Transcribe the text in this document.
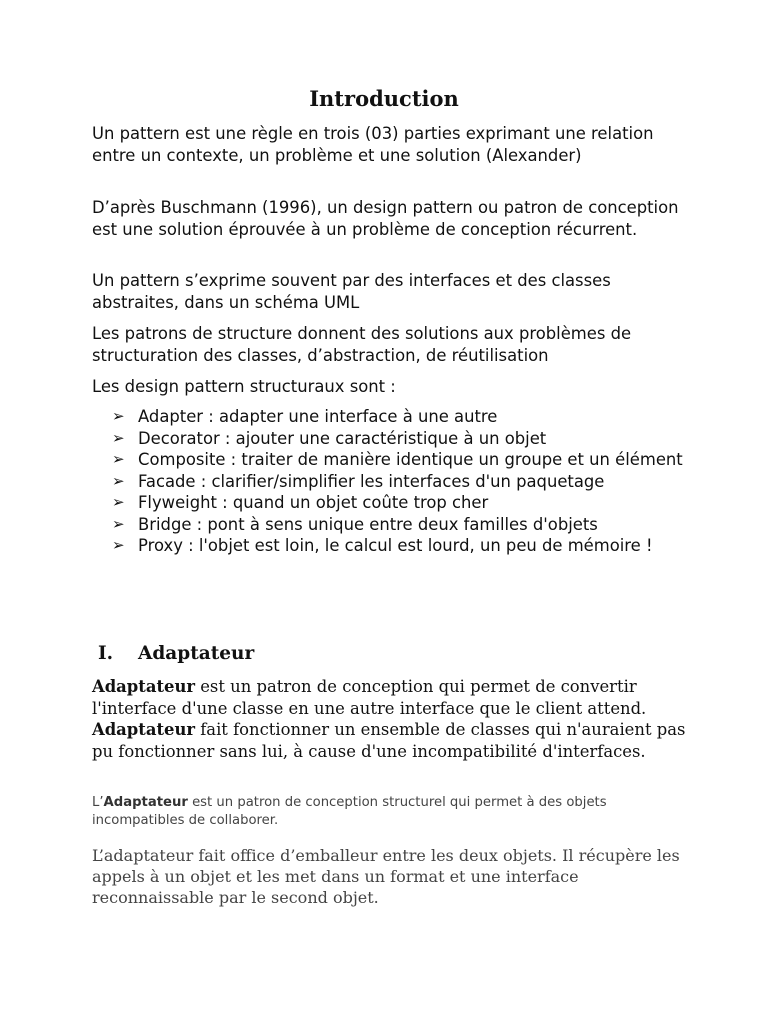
Introduction

Un pattern est une règle en trois (03) parties exprimant une relation entre un contexte, un problème et une solution (Alexander)

D’après Buschmann (1996), un design pattern ou patron de conception est une solution éprouvée à un problème de conception récurrent.

Un pattern s’exprime souvent par des interfaces et des classes abstraites, dans un schéma UML

Les patrons de structure donnent des solutions aux problèmes de structuration des classes, d’abstraction, de réutilisation

Les design pattern structuraux sont :

➢ Adapter : adapter une interface à une autre
➢ Decorator : ajouter une caractéristique à un objet
➢ Composite : traiter de manière identique un groupe et un élément
➢ Facade : clarifier/simplifier les interfaces d'un paquetage
➢ Flyweight : quand un objet coûte trop cher
➢ Bridge : pont à sens unique entre deux familles d'objets
➢ Proxy : l'objet est loin, le calcul est lourd, un peu de mémoire !
I. Adaptateur

Adaptateur est un patron de conception qui permet de convertir l'interface d'une classe en une autre interface que le client attend. Adaptateur fait fonctionner un ensemble de classes qui n'auraient pas pu fonctionner sans lui, à cause d'une incompatibilité d'interfaces.

L’Adaptateur est un patron de conception structurel qui permet à des objets incompatibles de collaborer.

L’adaptateur fait office d’emballeur entre les deux objets. Il récupère les appels à un objet et les met dans un format et une interface reconnaissable par le second objet.
